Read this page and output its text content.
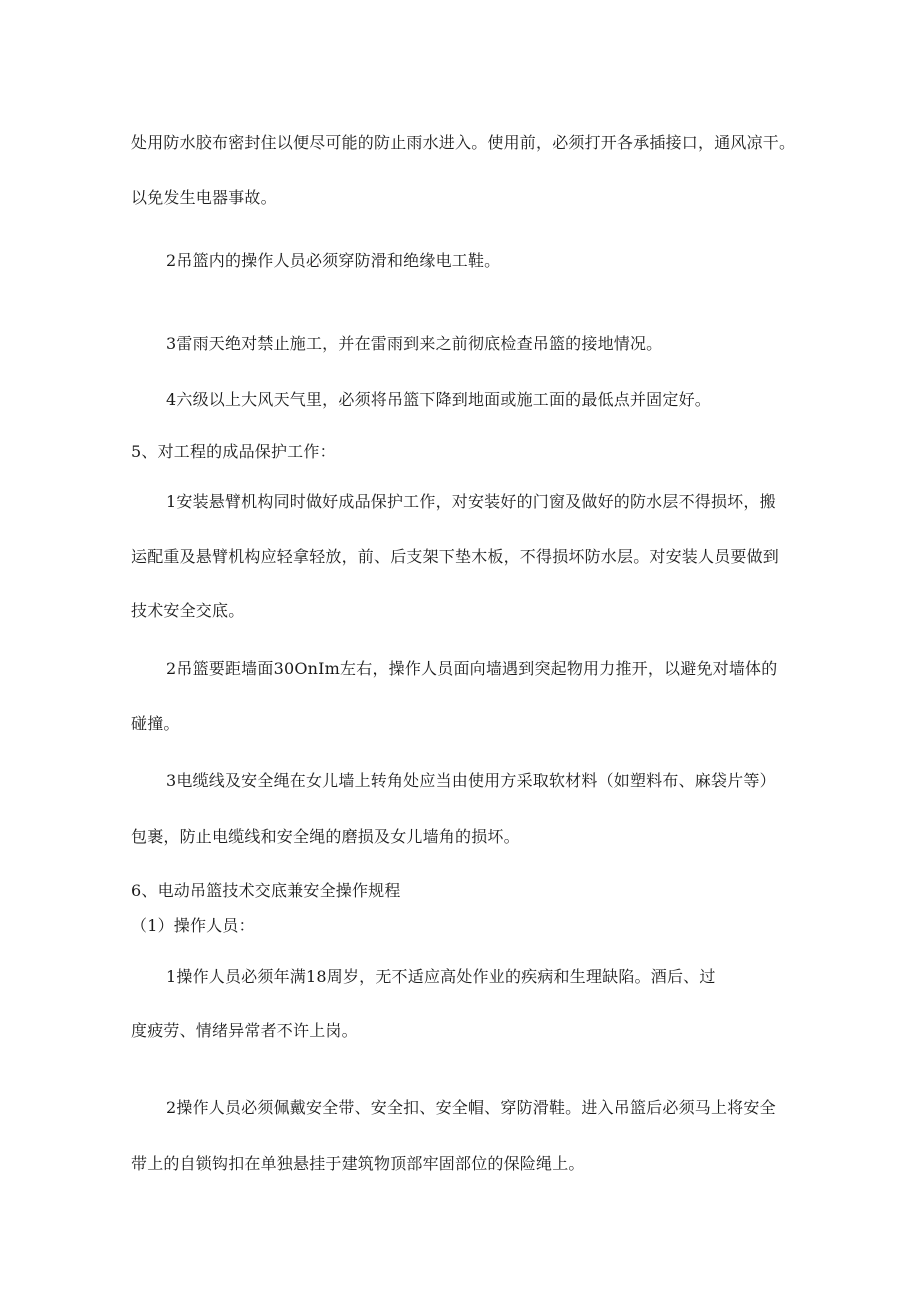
处用防水胶布密封住以便尽可能的防止雨水进入。使用前，必须打开各承插接口，通风凉干。
以免发生电器事故。
2吊篮内的操作人员必须穿防滑和绝缘电工鞋。
3雷雨天绝对禁止施工，并在雷雨到来之前彻底检查吊篮的接地情况。
4六级以上大风天气里，必须将吊篮下降到地面或施工面的最低点并固定好。
5、对工程的成品保护工作：
1安装悬臂机构同时做好成品保护工作，对安装好的门窗及做好的防水层不得损坏，搬
运配重及悬臂机构应轻拿轻放，前、后支架下垫木板，不得损坏防水层。对安装人员要做到
技术安全交底。
2吊篮要距墙面30OnIm左右，操作人员面向墙遇到突起物用力推开，以避免对墙体的
碰撞。
3电缆线及安全绳在女儿墙上转角处应当由使用方采取软材料（如塑料布、麻袋片等）
包裹，防止电缆线和安全绳的磨损及女儿墙角的损坏。
6、电动吊篮技术交底兼安全操作规程
（1）操作人员：
1操作人员必须年满18周岁，无不适应高处作业的疾病和生理缺陷。酒后、过
度疲劳、情绪异常者不许上岗。
2操作人员必须佩戴安全带、安全扣、安全帽、穿防滑鞋。进入吊篮后必须马上将安全
带上的自锁钩扣在单独悬挂于建筑物顶部牢固部位的保险绳上。
